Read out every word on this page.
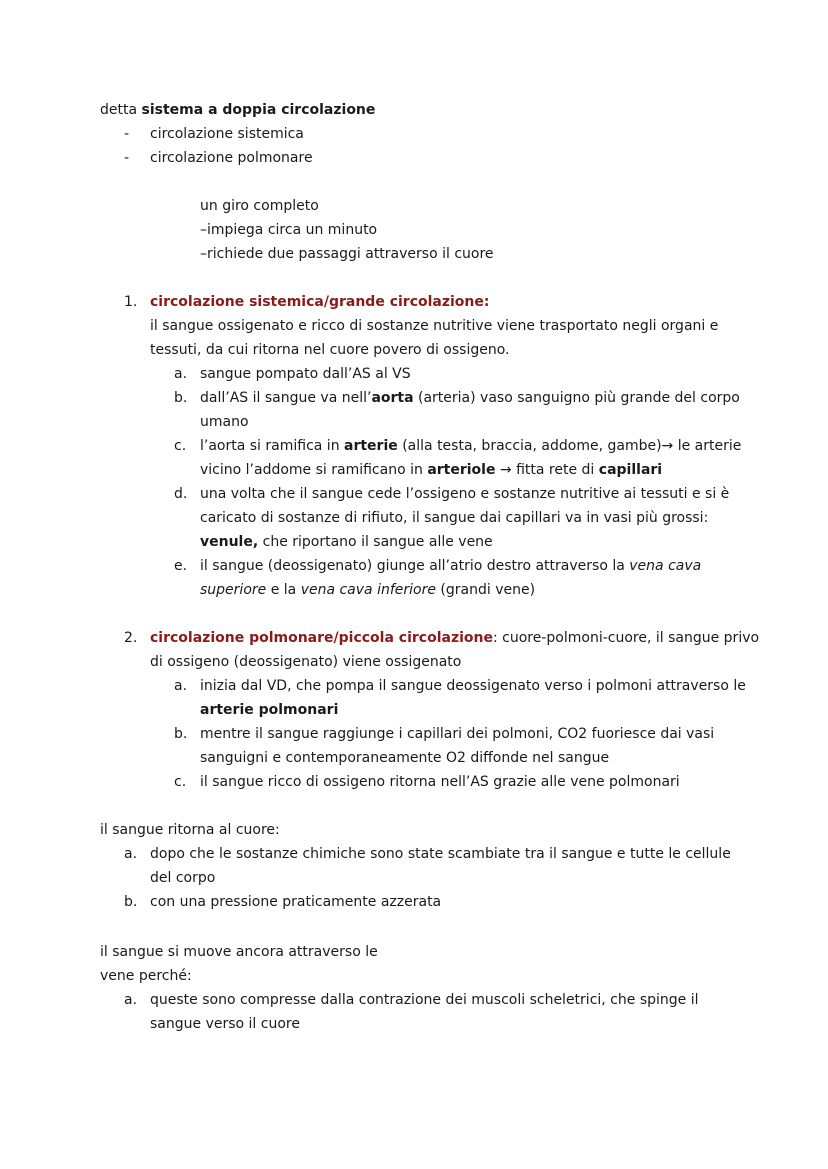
detta sistema a doppia circolazione
- circolazione sistemica
- circolazione polmonare
un giro completo
–impiega circa un minuto
–richiede due passaggi attraverso il cuore
1. circolazione sistemica/grande circolazione:
il sangue ossigenato e ricco di sostanze nutritive viene trasportato negli organi e
tessuti, da cui ritorna nel cuore povero di ossigeno.
a. sangue pompato dall’AS al VS
b. dall’AS il sangue va nell’aorta (arteria) vaso sanguigno più grande del corpo
umano
c. l’aorta si ramifica in arterie (alla testa, braccia, addome, gambe)→ le arterie
vicino l’addome si ramificano in arteriole → fitta rete di capillari
d. una volta che il sangue cede l’ossigeno e sostanze nutritive ai tessuti e si è
caricato di sostanze di rifiuto, il sangue dai capillari va in vasi più grossi:
venule, che riportano il sangue alle vene
e. il sangue (deossigenato) giunge all’atrio destro attraverso la vena cava
superiore e la vena cava inferiore (grandi vene)
2. circolazione polmonare/piccola circolazione: cuore-polmoni-cuore, il sangue privo
di ossigeno (deossigenato) viene ossigenato
a. inizia dal VD, che pompa il sangue deossigenato verso i polmoni attraverso le
arterie polmonari
b. mentre il sangue raggiunge i capillari dei polmoni, CO2 fuoriesce dai vasi
sanguigni e contemporaneamente O2 diffonde nel sangue
c. il sangue ricco di ossigeno ritorna nell’AS grazie alle vene polmonari
il sangue ritorna al cuore:
a. dopo che le sostanze chimiche sono state scambiate tra il sangue e tutte le cellule
del corpo
b. con una pressione praticamente azzerata
il sangue si muove ancora attraverso le
vene perché:
a. queste sono compresse dalla contrazione dei muscoli scheletrici, che spinge il
sangue verso il cuore
